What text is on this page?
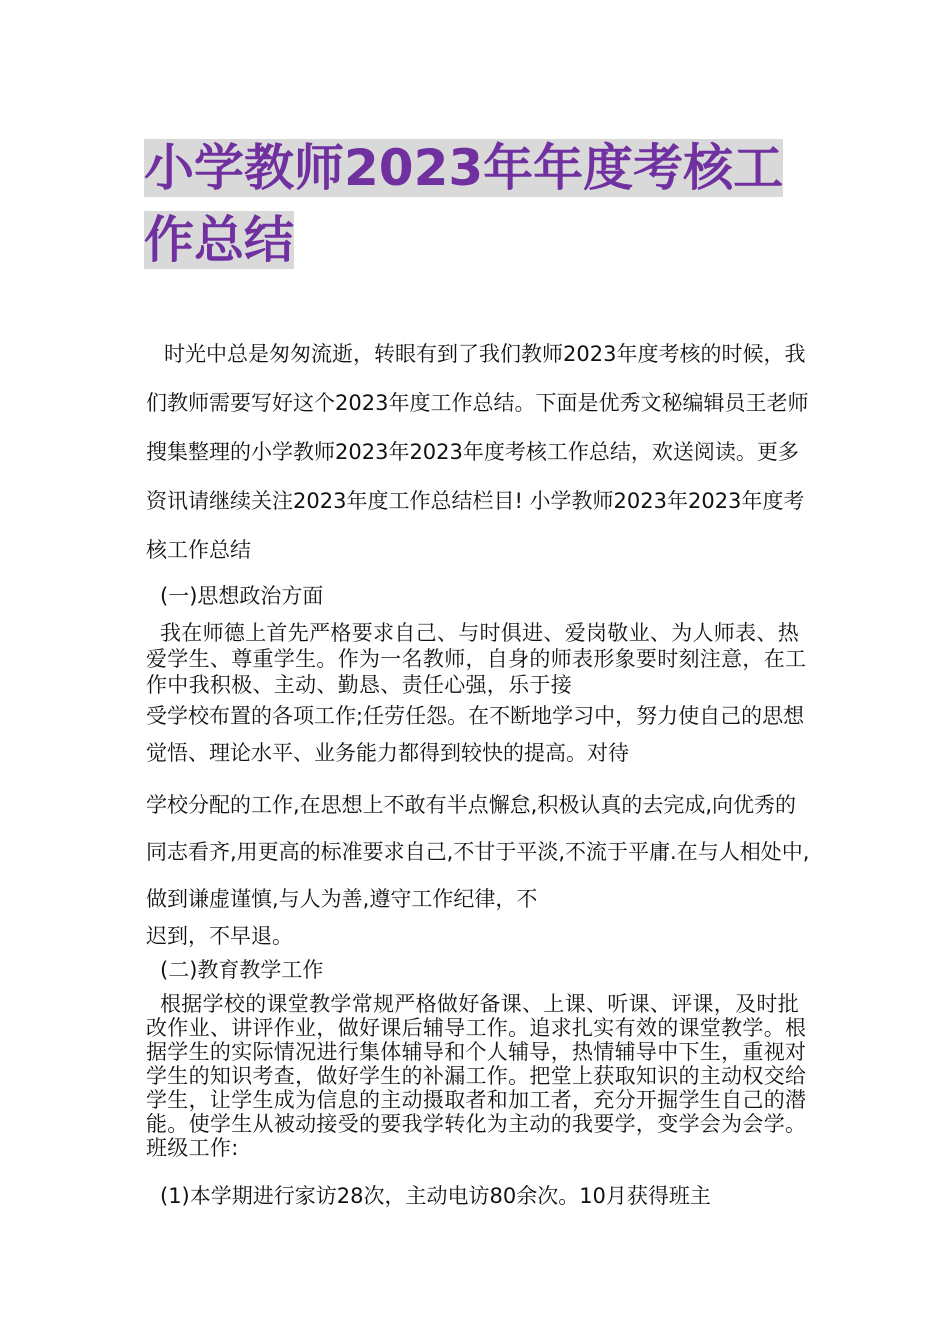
小学教师2023年年度考核工作总结

时光中总是匆匆流逝，转眼有到了我们教师2023年度考核的时候，我们教师需要写好这个2023年度工作总结。下面是优秀文秘编辑员王老师搜集整理的小学教师2023年2023年度考核工作总结，欢送阅读。更多资讯请继续关注2023年度工作总结栏目! 小学教师2023年2023年度考核工作总结

(一)思想政治方面

我在师德上首先严格要求自己、与时俱进、爱岗敬业、为人师表、热爱学生、尊重学生。作为一名教师，自身的师表形象要时刻注意，在工作中我积极、主动、勤恳、责任心强，乐于接

受学校布置的各项工作;任劳任怨。在不断地学习中，努力使自己的思想觉悟、理论水平、业务能力都得到较快的提高。对待

学校分配的工作,在思想上不敢有半点懈怠,积极认真的去完成,向优秀的同志看齐,用更高的标准要求自己,不甘于平淡,不流于平庸.在与人相处中,做到谦虚谨慎,与人为善,遵守工作纪律，不

迟到，不早退。

(二)教育教学工作

根据学校的课堂教学常规严格做好备课、上课、听课、评课，及时批改作业、讲评作业，做好课后辅导工作。追求扎实有效的课堂教学。根据学生的实际情况进行集体辅导和个人辅导，热情辅导中下生，重视对学生的知识考查，做好学生的补漏工作。把堂上获取知识的主动权交给学生，让学生成为信息的主动摄取者和加工者，充分开掘学生自己的潜能。使学生从被动接受的要我学转化为主动的我要学，变学会为会学。班级工作:

(1)本学期进行家访28次，主动电访80余次。10月获得班主
